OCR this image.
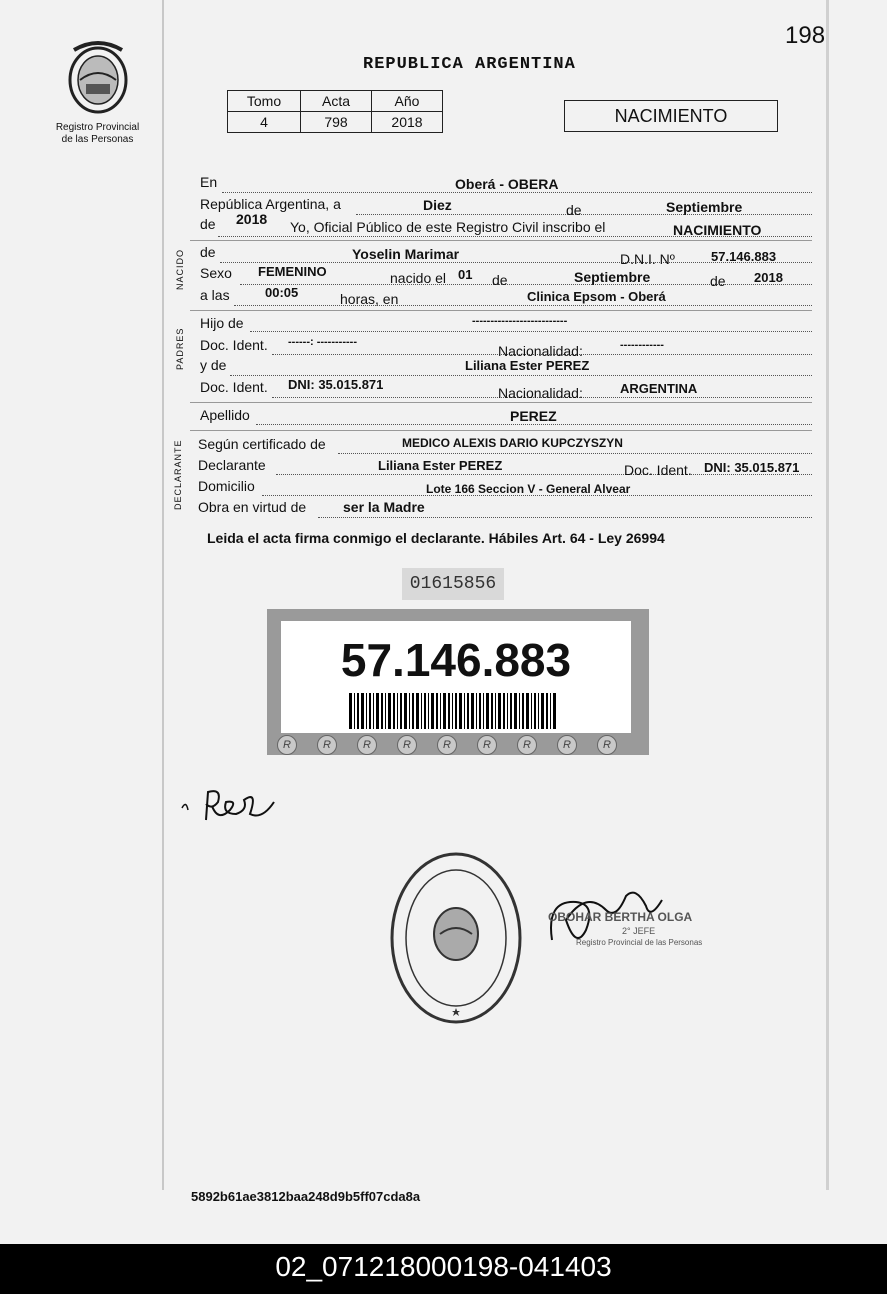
198
Registro Provincial
de las Personas
REPUBLICA ARGENTINA
Tomo	Acta	Año
4	798	2018	NACIMIENTO
En	Oberá - OBERA
República Argentina, a	Diez	de	Septiembre
de 2018 Yo, Oficial Público de este Registro Civil inscribo el	NACIMIENTO
NACIDO de	Yoselin Marimar	D.N.I. Nº	57.146.883
Sexo FEMENINO	nacido el 01 de	Septiembre	de 2018
a las	00:05	horas, en	Clinica Epsom - Oberá
PADRES
Hijo de	--------------------------
Doc. Ident. ------: -----------
Nacionalidad:	------------
y de	Liliana Ester PEREZ
Doc. Ident. DNI: 35.015.871
Nacionalidad:	ARGENTINA
Apellido	PEREZ
DECLARANTE Según certificado de	MEDICO ALEXIS DARIO KUPCZYSZYN
Declarante	Liliana Ester PEREZ	Doc. Ident. DNI: 35.015.871
Domicilio	Lote 166 Seccion V - General Alvear
Obra en virtud de	ser la Madre
Leida el acta firma conmigo el declarante. Hábiles Art. 64 - Ley 26994
01615856
57.146.883
R	R	R	R	R	R	R	R	R
OBOHAR BERTHA OLGA
2° JEFE
Registro Provincial de las Personas
5892b61ae3812baa248d9b5ff07cda8a
02_071218000198-041403
